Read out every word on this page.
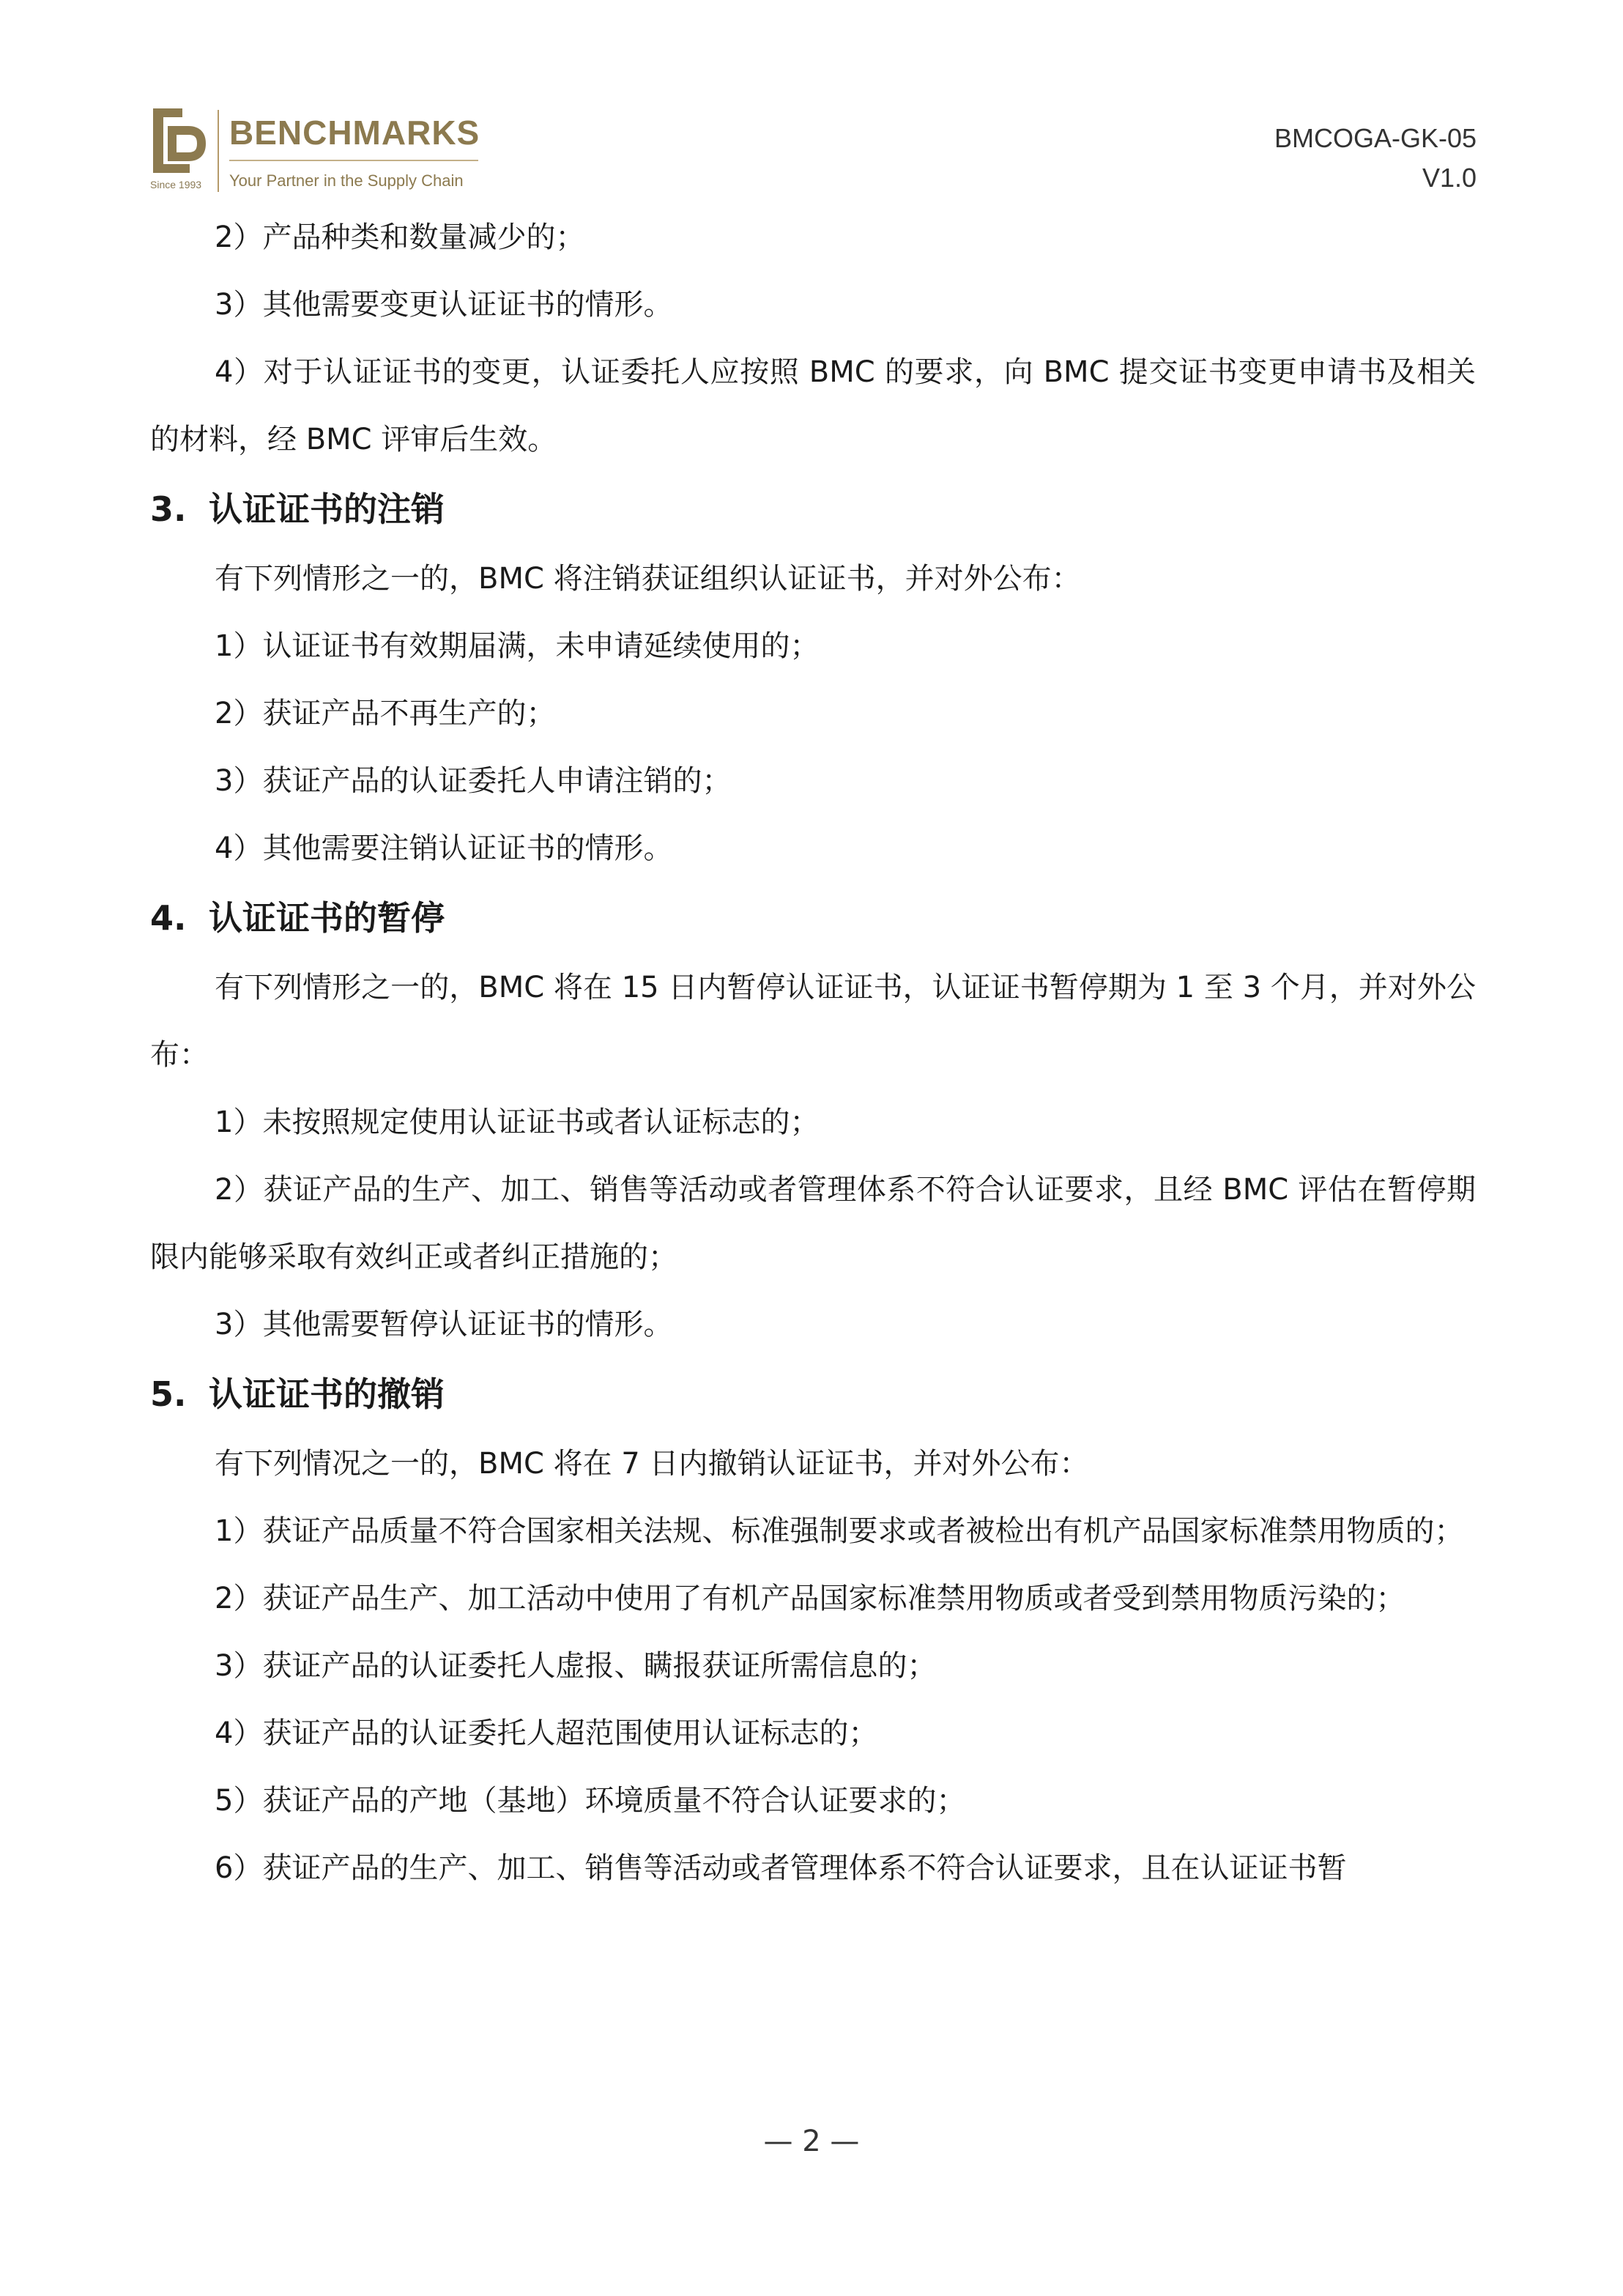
Since 1993
BENCHMARKS
Your Partner in the Supply Chain
BMCOGA-GK-05
V1.0

2）产品种类和数量减少的；

3）其他需要变更认证证书的情形。

4）对于认证证书的变更，认证委托人应按照 BMC 的要求，向 BMC 提交证书变更申请书及相关的材料，经 BMC 评审后生效。

3. 认证证书的注销

有下列情形之一的，BMC 将注销获证组织认证证书，并对外公布：

1）认证证书有效期届满，未申请延续使用的；

2）获证产品不再生产的；

3）获证产品的认证委托人申请注销的；

4）其他需要注销认证证书的情形。

4. 认证证书的暂停

有下列情形之一的，BMC 将在 15 日内暂停认证证书，认证证书暂停期为 1 至 3 个月，并对外公布：

1）未按照规定使用认证证书或者认证标志的；

2）获证产品的生产、加工、销售等活动或者管理体系不符合认证要求，且经 BMC 评估在暂停期限内能够采取有效纠正或者纠正措施的；

3）其他需要暂停认证证书的情形。

5. 认证证书的撤销

有下列情况之一的，BMC 将在 7 日内撤销认证证书，并对外公布：

1）获证产品质量不符合国家相关法规、标准强制要求或者被检出有机产品国家标准禁用物质的；

2）获证产品生产、加工活动中使用了有机产品国家标准禁用物质或者受到禁用物质污染的；

3）获证产品的认证委托人虚报、瞒报获证所需信息的；

4）获证产品的认证委托人超范围使用认证标志的；

5）获证产品的产地（基地）环境质量不符合认证要求的；

6）获证产品的生产、加工、销售等活动或者管理体系不符合认证要求，且在认证证书暂

— 2 —
